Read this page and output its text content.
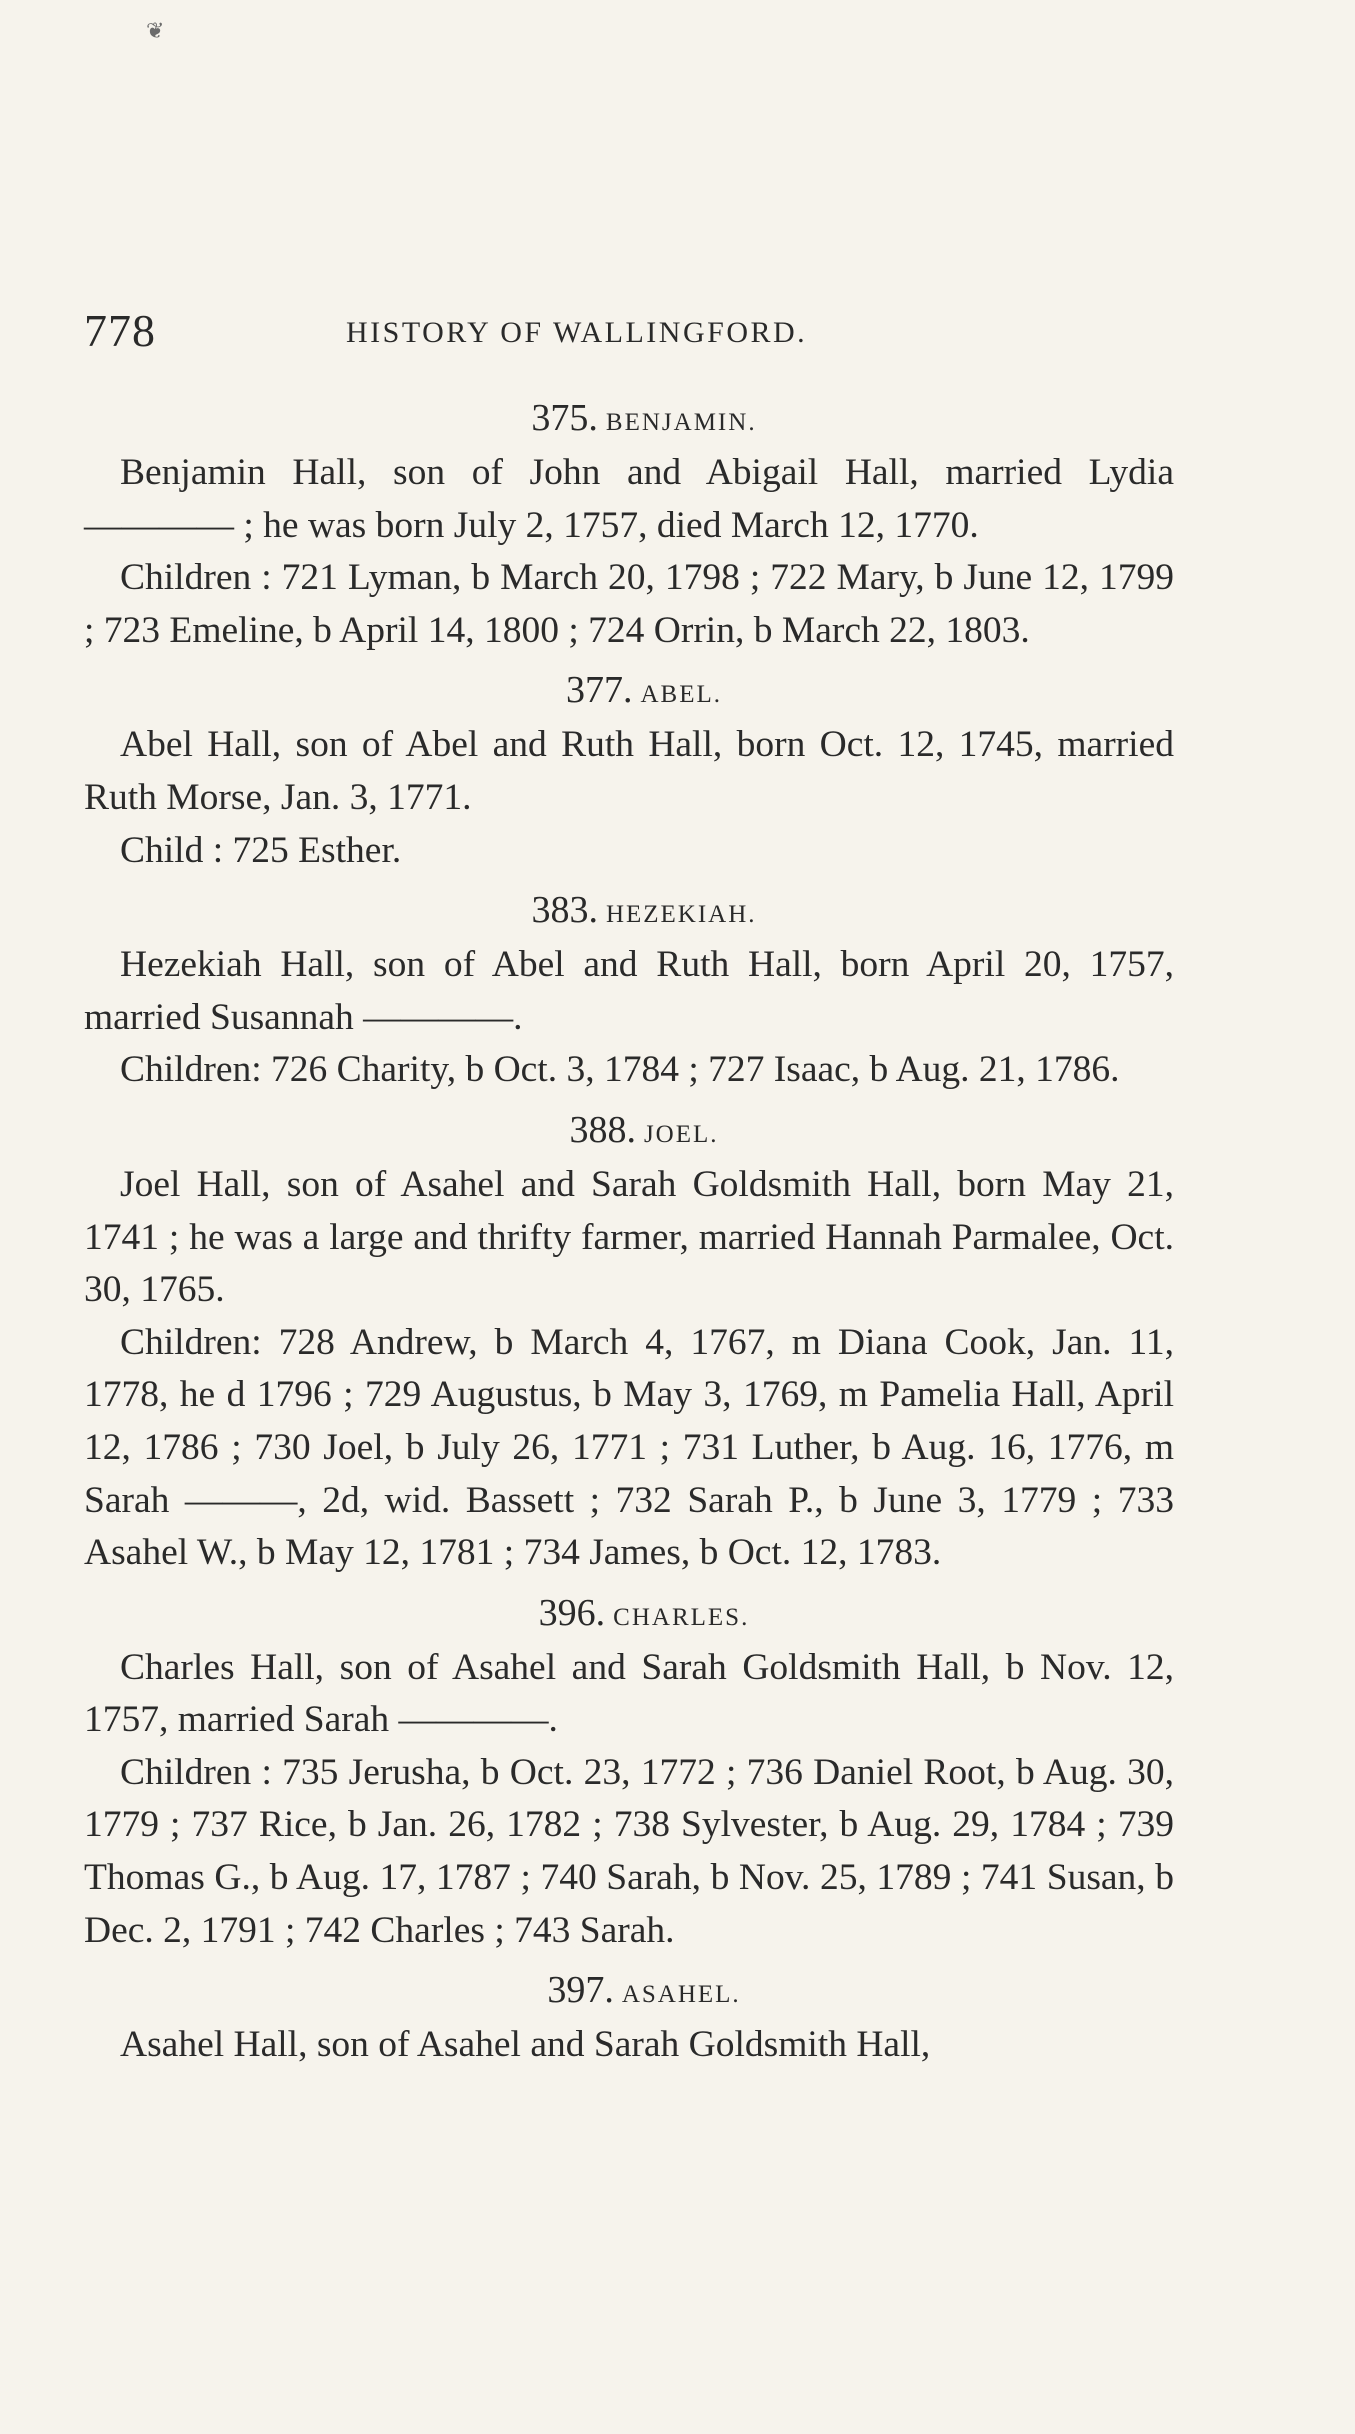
❦
778	HISTORY OF WALLINGFORD.
375. BENJAMIN.

Benjamin Hall, son of John and Abigail Hall, married Lydia ———— ; he was born July 2, 1757, died March 12, 1770.

Children : 721 Lyman, b March 20, 1798 ; 722 Mary, b June 12, 1799 ; 723 Emeline, b April 14, 1800 ; 724 Orrin, b March 22, 1803.

377. ABEL.

Abel Hall, son of Abel and Ruth Hall, born Oct. 12, 1745, married Ruth Morse, Jan. 3, 1771.

Child : 725 Esther.

383. HEZEKIAH.

Hezekiah Hall, son of Abel and Ruth Hall, born April 20, 1757, married Susannah ————.

Children: 726 Charity, b Oct. 3, 1784 ; 727 Isaac, b Aug. 21, 1786.

388. JOEL.

Joel Hall, son of Asahel and Sarah Goldsmith Hall, born May 21, 1741 ; he was a large and thrifty farmer, married Hannah Parmalee, Oct. 30, 1765.

Children: 728 Andrew, b March 4, 1767, m Diana Cook, Jan. 11, 1778, he d 1796 ; 729 Augustus, b May 3, 1769, m Pamelia Hall, April 12, 1786 ; 730 Joel, b July 26, 1771 ; 731 Luther, b Aug. 16, 1776, m Sarah ———, 2d, wid. Bassett ; 732 Sarah P., b June 3, 1779 ; 733 Asahel W., b May 12, 1781 ; 734 James, b Oct. 12, 1783.

396. CHARLES.

Charles Hall, son of Asahel and Sarah Goldsmith Hall, b Nov. 12, 1757, married Sarah ————.

Children : 735 Jerusha, b Oct. 23, 1772 ; 736 Daniel Root, b Aug. 30, 1779 ; 737 Rice, b Jan. 26, 1782 ; 738 Sylvester, b Aug. 29, 1784 ; 739 Thomas G., b Aug. 17, 1787 ; 740 Sarah, b Nov. 25, 1789 ; 741 Susan, b Dec. 2, 1791 ; 742 Charles ; 743 Sarah.

397. ASAHEL.

Asahel Hall, son of Asahel and Sarah Goldsmith Hall,
